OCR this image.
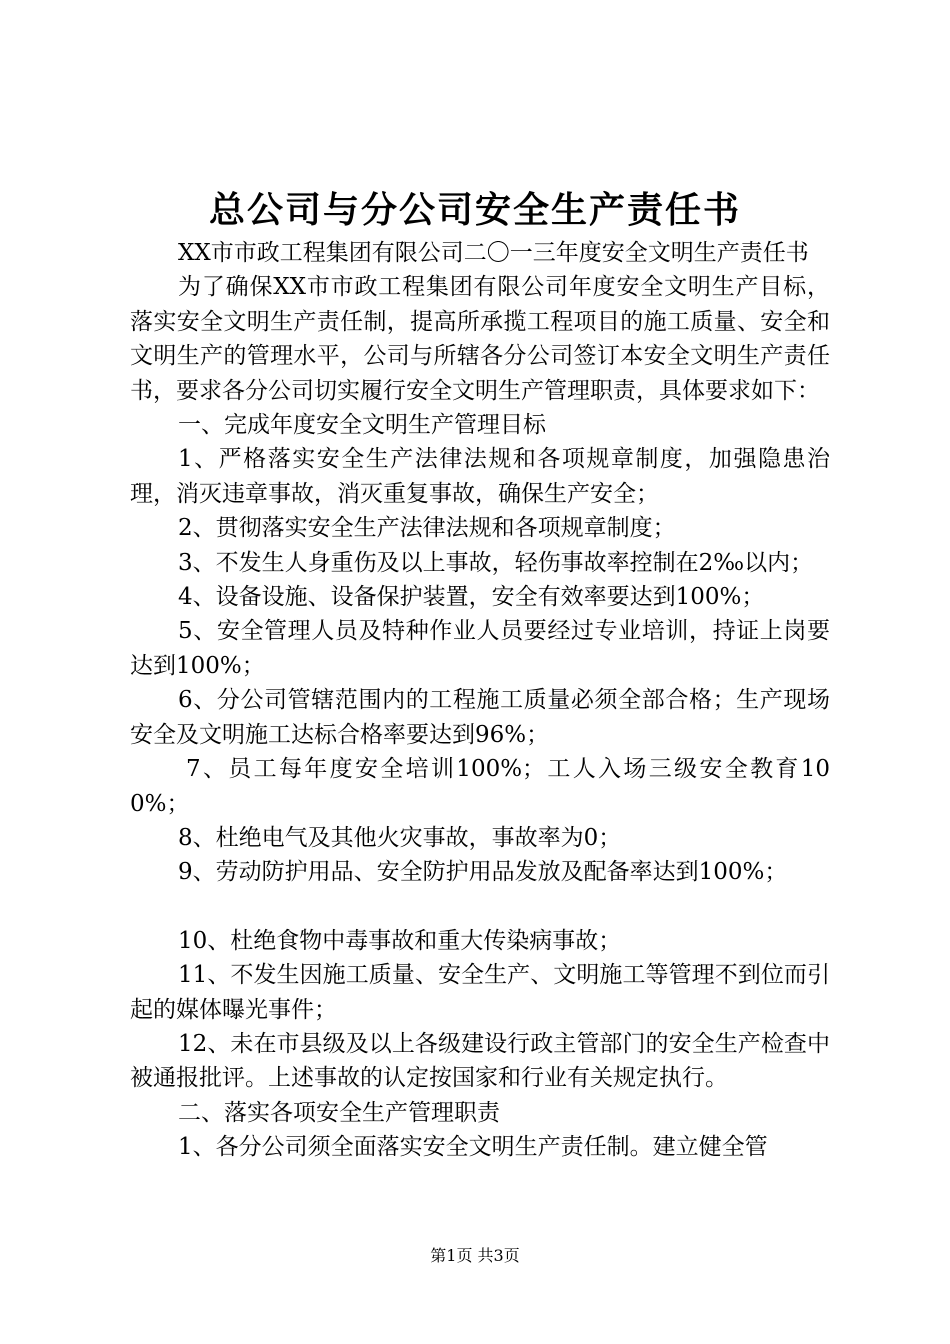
总公司与分公司安全生产责任书

XX市市政工程集团有限公司二〇一三年度安全文明生产责任书

为了确保XX市市政工程集团有限公司年度安全文明生产目标，落实安全文明生产责任制，提高所承揽工程项目的施工质量、安全和文明生产的管理水平，公司与所辖各分公司签订本安全文明生产责任书，要求各分公司切实履行安全文明生产管理职责，具体要求如下：

一、完成年度安全文明生产管理目标

1、严格落实安全生产法律法规和各项规章制度，加强隐患治理，消灭违章事故，消灭重复事故，确保生产安全；

2、贯彻落实安全生产法律法规和各项规章制度；

3、不发生人身重伤及以上事故，轻伤事故率控制在2‰以内；

4、设备设施、设备保护装置，安全有效率要达到100%；

5、安全管理人员及特种作业人员要经过专业培训，持证上岗要达到100%；

6、分公司管辖范围内的工程施工质量必须全部合格；生产现场安全及文明施工达标合格率要达到96%；

7、员工每年度安全培训100%；工人入场三级安全教育100%；

8、杜绝电气及其他火灾事故，事故率为0；

9、劳动防护用品、安全防护用品发放及配备率达到100%；

10、杜绝食物中毒事故和重大传染病事故；

11、不发生因施工质量、安全生产、文明施工等管理不到位而引起的媒体曝光事件；

12、未在市县级及以上各级建设行政主管部门的安全生产检查中被通报批评。上述事故的认定按国家和行业有关规定执行。

二、落实各项安全生产管理职责

1、各分公司须全面落实安全文明生产责任制。建立健全管

第1页 共3页
